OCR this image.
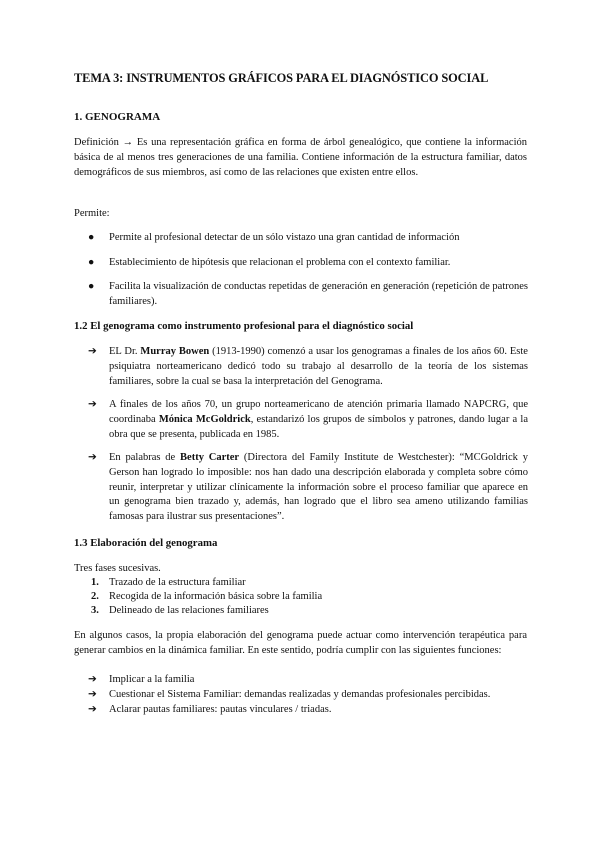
TEMA 3: INSTRUMENTOS GRÁFICOS PARA EL DIAGNÓSTICO SOCIAL
1. GENOGRAMA
Definición → Es una representación gráfica en forma de árbol genealógico, que contiene la información básica de al menos tres generaciones de una familia. Contiene información de la estructura familiar, datos demográficos de sus miembros, así como de las relaciones que existen entre ellos.
Permite:
● Permite al profesional detectar de un sólo vistazo una gran cantidad de información
● Establecimiento de hipótesis que relacionan el problema con el contexto familiar.
● Facilita la visualización de conductas repetidas de generación en generación (repetición de patrones familiares).
1.2 El genograma como instrumento profesional para el diagnóstico social
➔ EL Dr. Murray Bowen (1913-1990) comenzó a usar los genogramas a finales de los años 60. Este psiquiatra norteamericano dedicó todo su trabajo al desarrollo de la teoría de los sistemas familiares, sobre la cual se basa la interpretación del Genograma.
➔ A finales de los años 70, un grupo norteamericano de atención primaria llamado NAPCRG, que coordinaba Mónica McGoldrick, estandarizó los grupos de símbolos y patrones, dando lugar a la obra que se presenta, publicada en 1985.
➔ En palabras de Betty Carter (Directora del Family Institute de Westchester): “MCGoldrick y Gerson han logrado lo imposible: nos han dado una descripción elaborada y completa sobre cómo reunir, interpretar y utilizar clínicamente la información sobre el proceso familiar que aparece en un genograma bien trazado y, además, han logrado que el libro sea ameno utilizando familias famosas para ilustrar sus presentaciones”.
1.3 Elaboración del genograma
Tres fases sucesivas.
1. Trazado de la estructura familiar
2. Recogida de la información básica sobre la familia
3. Delineado de las relaciones familiares
En algunos casos, la propia elaboración del genograma puede actuar como intervención terapéutica para generar cambios en la dinámica familiar. En este sentido, podría cumplir con las siguientes funciones:
➔ Implicar a la familia
➔ Cuestionar el Sistema Familiar: demandas realizadas y demandas profesionales percibidas.
➔ Aclarar pautas familiares: pautas vinculares / triadas.
